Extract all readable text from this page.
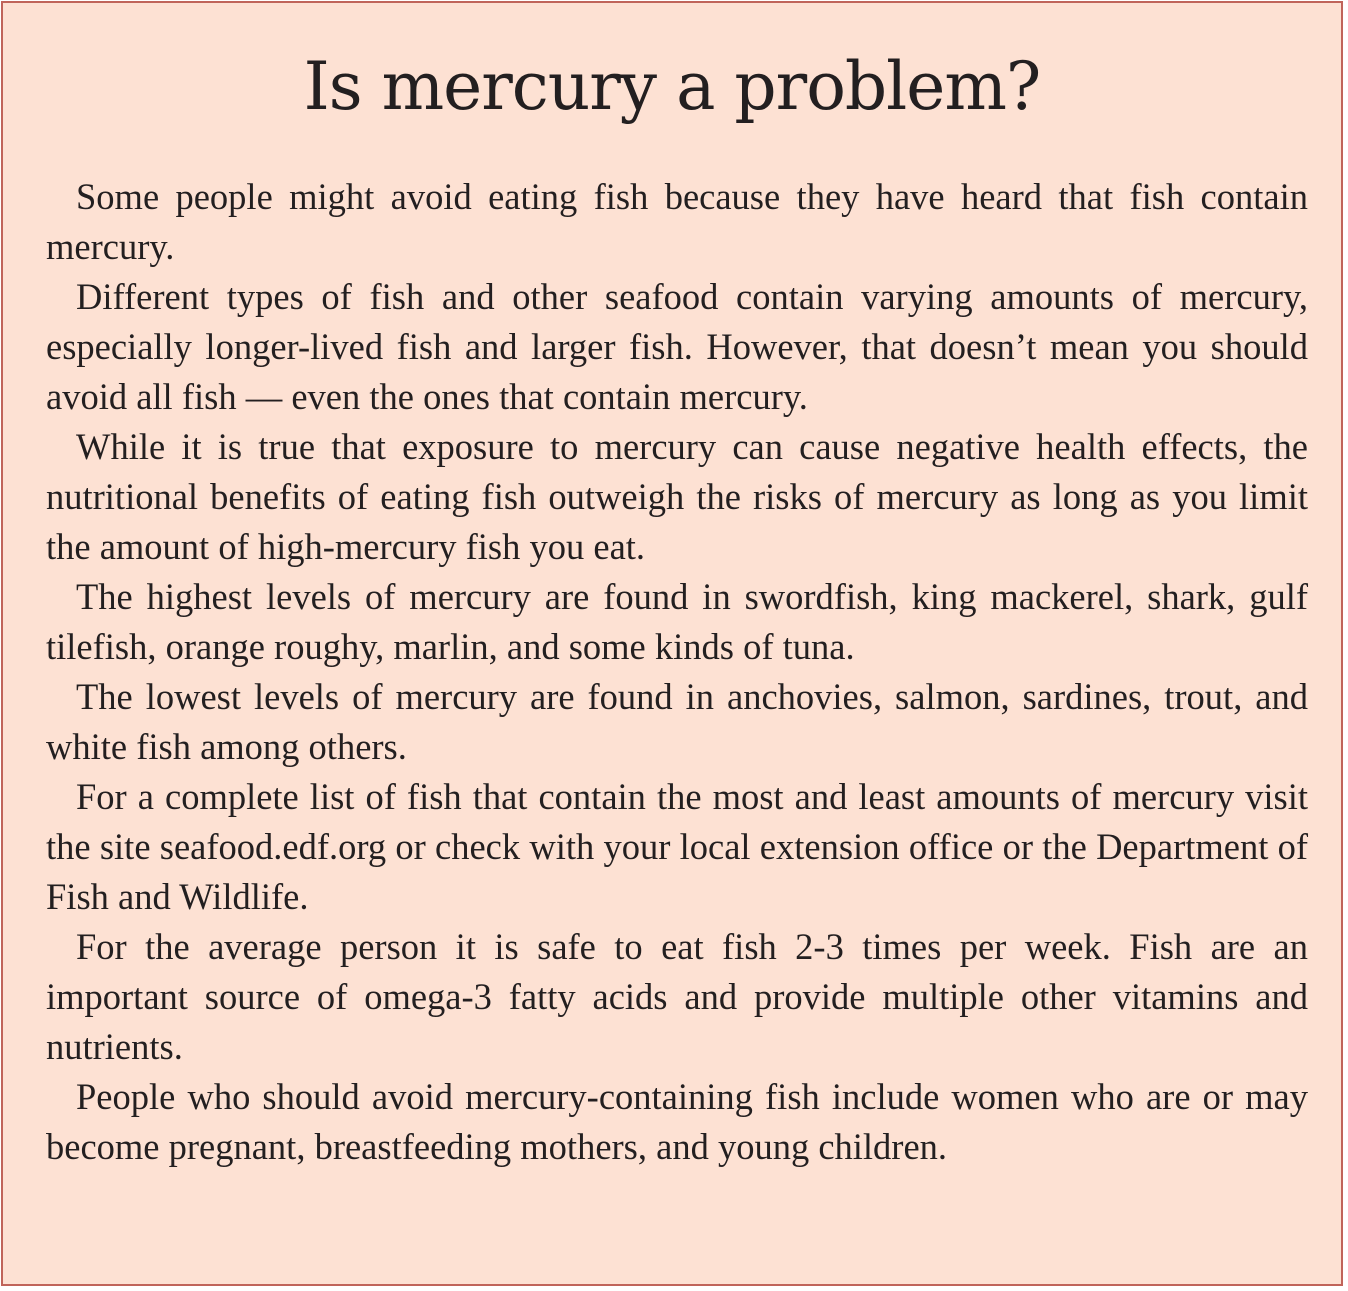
Is mercury a problem?

Some people might avoid eating fish because they have heard that fish contain mercury.

Different types of fish and other seafood contain varying amounts of mercury, especially longer-lived fish and larger fish. However, that doesn’t mean you should avoid all fish — even the ones that contain mercury.

While it is true that exposure to mercury can cause negative health effects, the nutritional benefits of eating fish outweigh the risks of mercury as long as you limit the amount of high-mercury fish you eat.

The highest levels of mercury are found in swordfish, king mackerel, shark, gulf tilefish, orange roughy, marlin, and some kinds of tuna.

The lowest levels of mercury are found in anchovies, salmon, sardines, trout, and white fish among others.

For a complete list of fish that contain the most and least amounts of mercury visit the site seafood.edf.org or check with your local extension office or the Department of Fish and Wildlife.

For the average person it is safe to eat fish 2-3 times per week. Fish are an important source of omega-3 fatty acids and provide multiple other vitamins and nutrients.

People who should avoid mercury-containing fish include women who are or may become pregnant, breastfeeding mothers, and young children.
